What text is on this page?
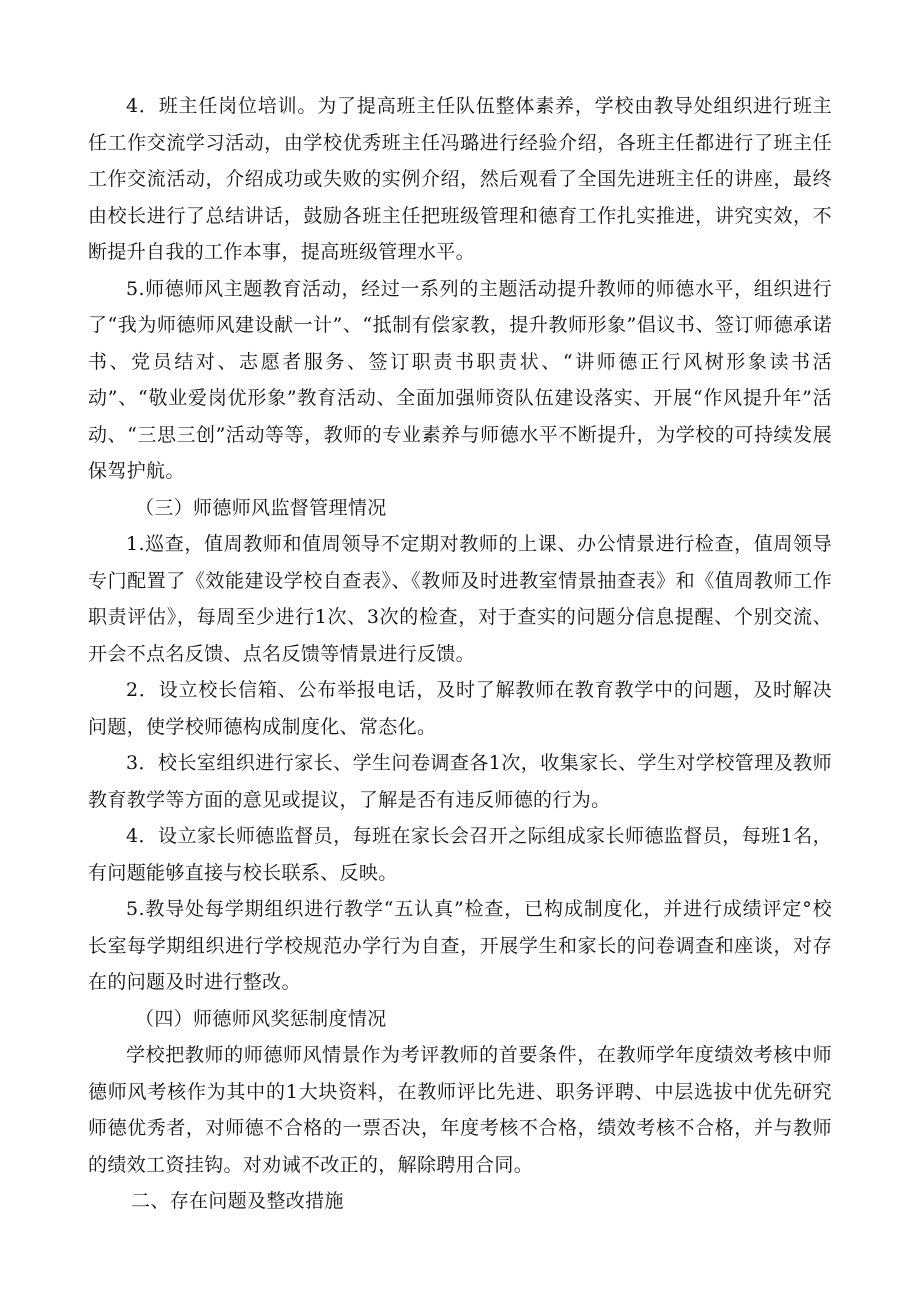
4．班主任岗位培训。为了提高班主任队伍整体素养，学校由教导处组织进行班主任工作交流学习活动，由学校优秀班主任冯璐进行经验介绍，各班主任都进行了班主任工作交流活动，介绍成功或失败的实例介绍，然后观看了全国先进班主任的讲座，最终由校长进行了总结讲话，鼓励各班主任把班级管理和德育工作扎实推进，讲究实效，不断提升自我的工作本事，提高班级管理水平。

5.师德师风主题教育活动，经过一系列的主题活动提升教师的师德水平，组织进行了“我为师德师风建设献一计”、“抵制有偿家教，提升教师形象”倡议书、签订师德承诺书、党员结对、志愿者服务、签订职责书职责状、“讲师德正行风树形象读书活动”、“敬业爱岗优形象”教育活动、全面加强师资队伍建设落实、开展“作风提升年”活动、“三思三创”活动等等，教师的专业素养与师德水平不断提升，为学校的可持续发展保驾护航。

（三）师德师风监督管理情况

1.巡查，值周教师和值周领导不定期对教师的上课、办公情景进行检查，值周领导专门配置了《效能建设学校自查表》、《教师及时进教室情景抽查表》和《值周教师工作职责评估》，每周至少进行1次、3次的检查，对于查实的问题分信息提醒、个别交流、开会不点名反馈、点名反馈等情景进行反馈。

2．设立校长信箱、公布举报电话，及时了解教师在教育教学中的问题，及时解决问题，使学校师德构成制度化、常态化。

3．校长室组织进行家长、学生问卷调查各1次，收集家长、学生对学校管理及教师教育教学等方面的意见或提议，了解是否有违反师德的行为。

4．设立家长师德监督员，每班在家长会召开之际组成家长师德监督员，每班1名，有问题能够直接与校长联系、反映。

5.教导处每学期组织进行教学“五认真”检查，已构成制度化，并进行成绩评定°校长室每学期组织进行学校规范办学行为自查，开展学生和家长的问卷调查和座谈，对存在的问题及时进行整改。

（四）师德师风奖惩制度情况

学校把教师的师德师风情景作为考评教师的首要条件，在教师学年度绩效考核中师德师风考核作为其中的1大块资料，在教师评比先进、职务评聘、中层选拔中优先研究师德优秀者，对师德不合格的一票否决，年度考核不合格，绩效考核不合格，并与教师的绩效工资挂钩。对劝诫不改正的，解除聘用合同。

二、存在问题及整改措施
